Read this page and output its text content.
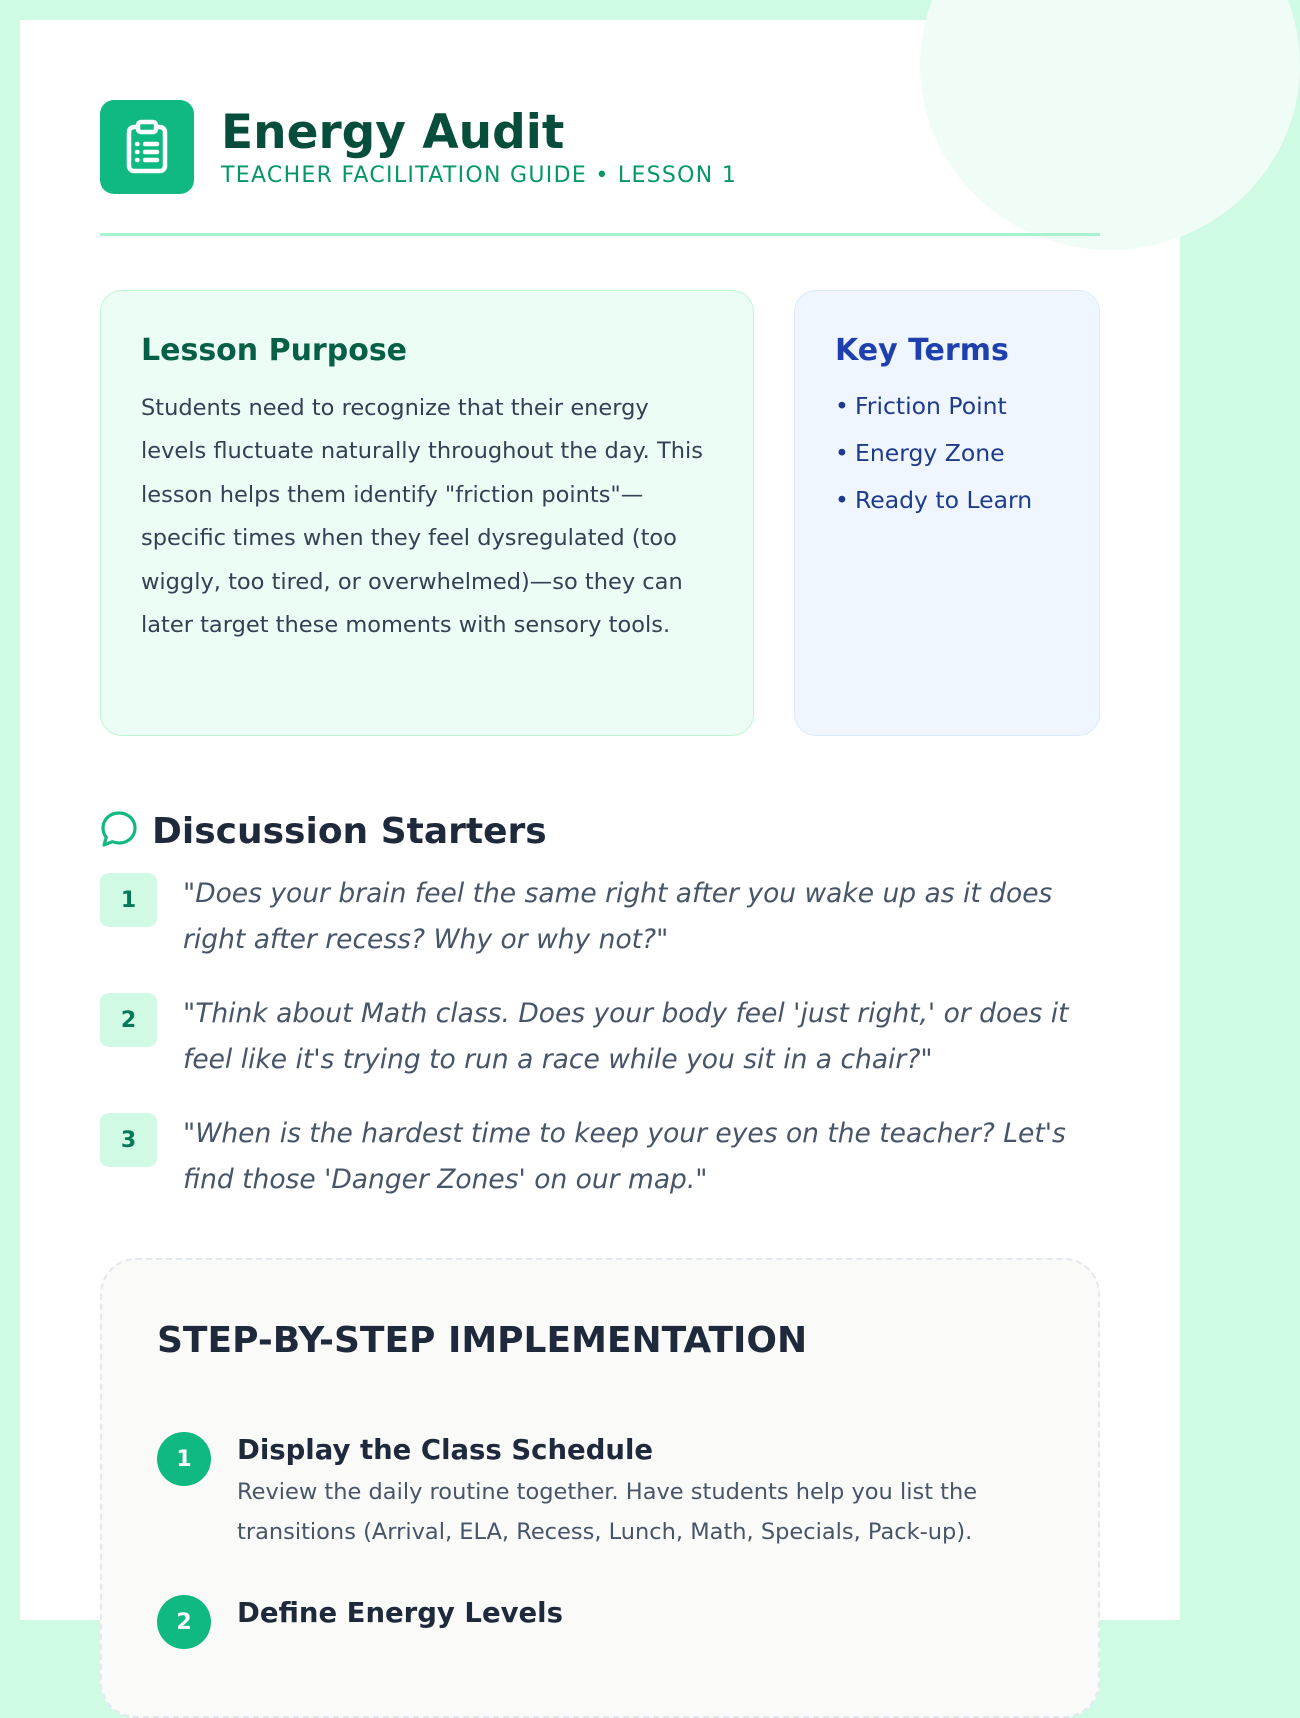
Energy Audit
TEACHER FACILITATION GUIDE • LESSON 1
Lesson Purpose

Students need to recognize that their energy levels fluctuate naturally throughout the day. This lesson helps them identify "friction points"—specific times when they feel dysregulated (too wiggly, too tired, or overwhelmed)—so they can later target these moments with sensory tools.

Key Terms
• Friction Point
• Energy Zone
• Ready to Learn
Discussion Starters
1	"Does your brain feel the same right after you wake up as it does right after recess? Why or why not?"
2	"Think about Math class. Does your body feel 'just right,' or does it feel like it's trying to run a race while you sit in a chair?"
3	"When is the hardest time to keep your eyes on the teacher? Let's find those 'Danger Zones' on our map."
STEP-BY-STEP IMPLEMENTATION
1	Display the Class Schedule
Review the daily routine together. Have students help you list the transitions (Arrival, ELA, Recess, Lunch, Math, Specials, Pack-up).
2	Define Energy Levels
